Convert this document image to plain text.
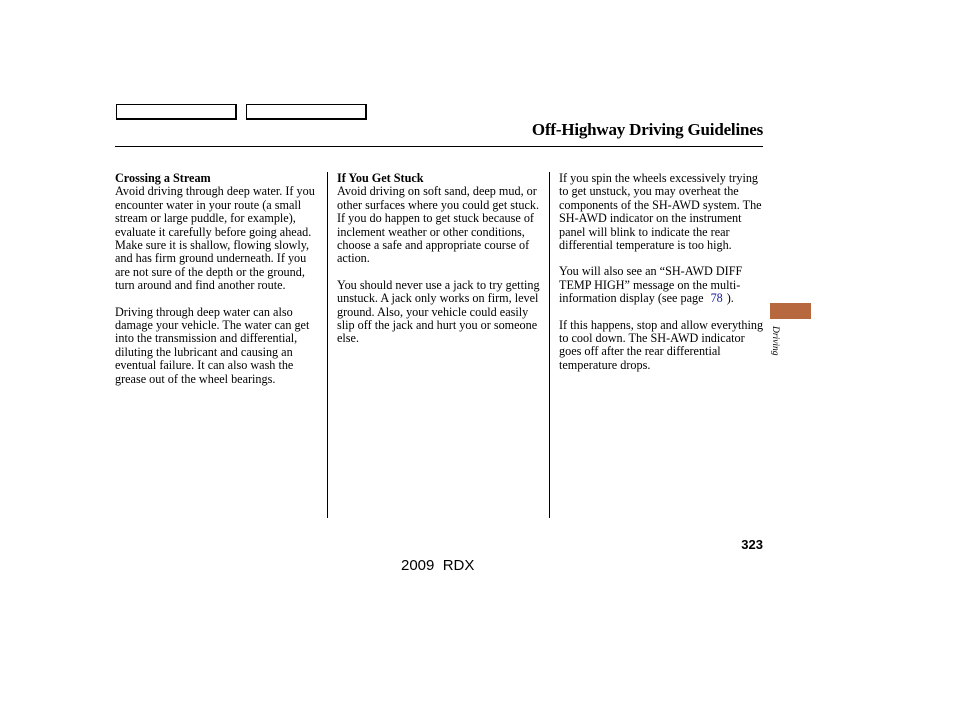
Off-Highway Driving Guidelines

Crossing a Stream

Avoid driving through deep water. If you encounter water in your route (a small stream or large puddle, for example), evaluate it carefully before going ahead. Make sure it is shallow, flowing slowly, and has firm ground underneath. If you are not sure of the depth or the ground, turn around and find another route.

Driving through deep water can also damage your vehicle. The water can get into the transmission and differential, diluting the lubricant and causing an eventual failure. It can also wash the grease out of the wheel bearings.

If You Get Stuck

Avoid driving on soft sand, deep mud, or other surfaces where you could get stuck. If you do happen to get stuck because of inclement weather or other conditions, choose a safe and appropriate course of action.

You should never use a jack to try getting unstuck. A jack only works on firm, level ground. Also, your vehicle could easily slip off the jack and hurt you or someone else.

If you spin the wheels excessively trying to get unstuck, you may overheat the components of the SH-AWD system. The SH-AWD indicator on the instrument panel will blink to indicate the rear differential temperature is too high.

You will also see an “SH-AWD DIFF TEMP HIGH” message on the multi-information display (see page 78 ).

If this happens, stop and allow everything to cool down. The SH-AWD indicator goes off after the rear differential temperature drops.

Driving
323
2009  RDX
